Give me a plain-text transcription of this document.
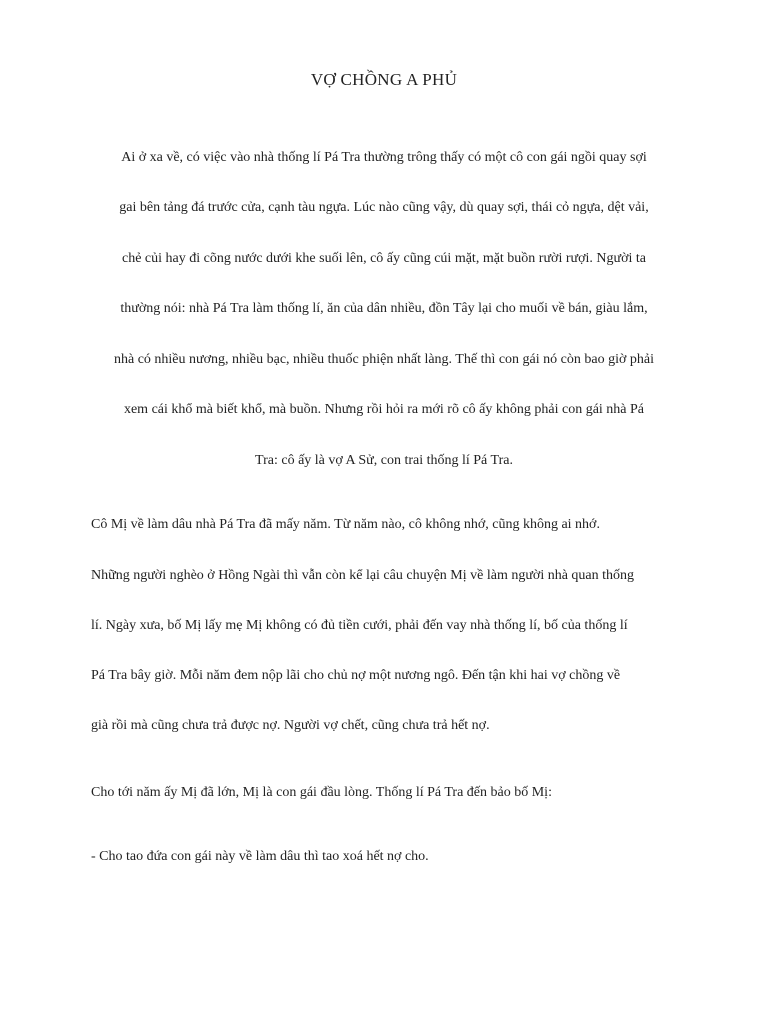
VỢ CHỒNG A PHỦ

Ai ở xa về, có việc vào nhà thống lí Pá Tra thường trông thấy có một cô con gái ngồi quay sợi

gai bên tảng đá trước cửa, cạnh tàu ngựa. Lúc nào cũng vậy, dù quay sợi, thái cỏ ngựa, dệt vải,

chẻ củi hay đi cõng nước dưới khe suối lên, cô ấy cũng cúi mặt, mặt buồn rười rượi. Người ta

thường nói: nhà Pá Tra làm thống lí, ăn của dân nhiều, đồn Tây lại cho muối về bán, giàu lắm,

nhà có nhiều nương, nhiều bạc, nhiều thuốc phiện nhất làng. Thế thì con gái nó còn bao giờ phải

xem cái khổ mà biết khổ, mà buồn. Nhưng rồi hỏi ra mới rõ cô ấy không phải con gái nhà Pá

Tra: cô ấy là vợ A Sử, con trai thống lí Pá Tra.

Cô Mị về làm dâu nhà Pá Tra đã mấy năm. Từ năm nào, cô không nhớ, cũng không ai nhớ.

Những người nghèo ở Hồng Ngài thì vẫn còn kể lại câu chuyện Mị về làm người nhà quan thống

lí. Ngày xưa, bố Mị lấy mẹ Mị không có đủ tiền cưới, phải đến vay nhà thống lí, bố của thống lí

Pá Tra bây giờ. Mỗi năm đem nộp lãi cho chủ nợ một nương ngô. Đến tận khi hai vợ chồng về

già rồi mà cũng chưa trả được nợ. Người vợ chết, cũng chưa trả hết nợ.

Cho tới năm ấy Mị đã lớn, Mị là con gái đầu lòng. Thống lí Pá Tra đến bảo bố Mị:

- Cho tao đứa con gái này về làm dâu thì tao xoá hết nợ cho.
